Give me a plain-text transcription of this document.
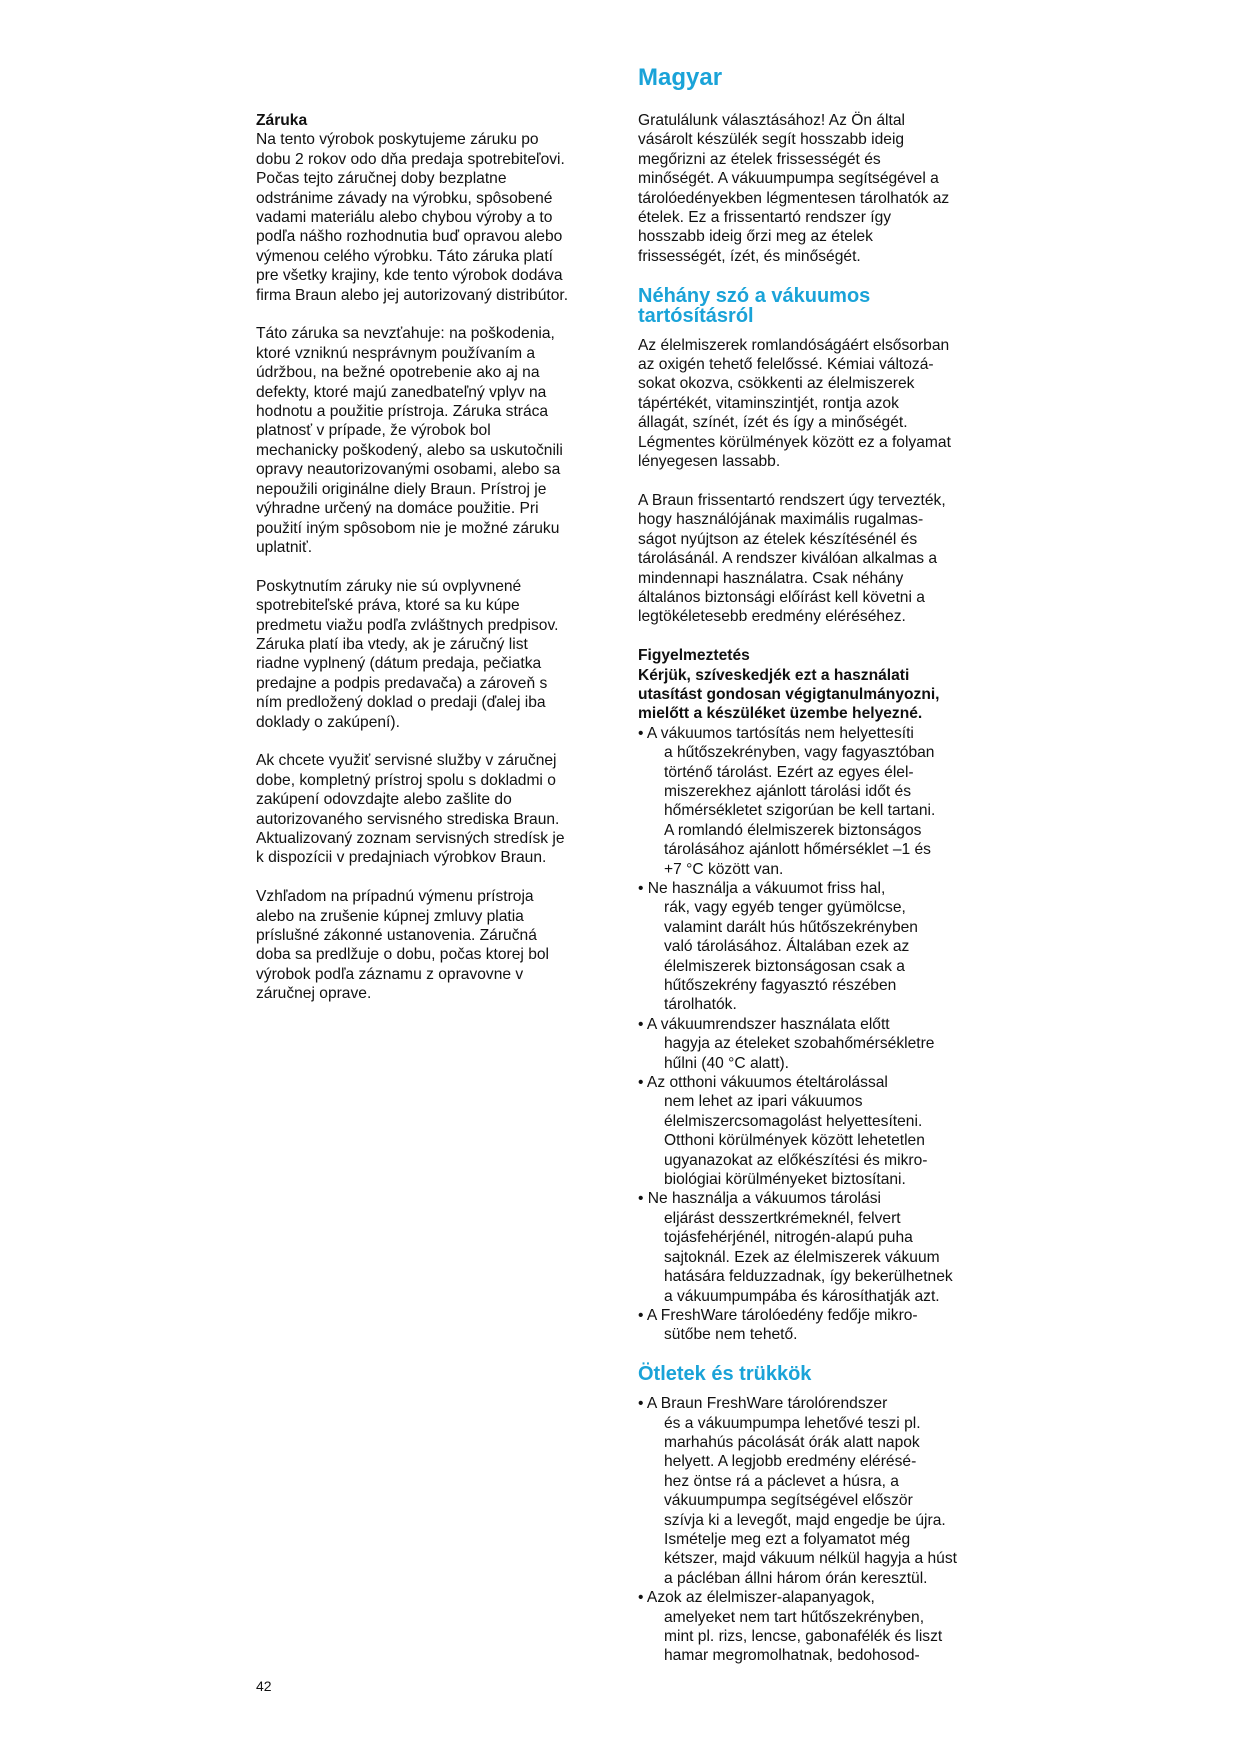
Magyar
Záruka
Na tento výrobok poskytujeme záruku po
dobu 2 rokov odo dňa predaja spotrebiteľovi.
Počas tejto záručnej doby bezplatne
odstránime závady na výrobku, spôsobené
vadami materiálu alebo chybou výroby a to
podľa nášho rozhodnutia buď opravou alebo
výmenou celého výrobku. Táto záruka platí
pre všetky krajiny, kde tento výrobok dodáva
firma Braun alebo jej autorizovaný distribútor.
Táto záruka sa nevzťahuje: na poškodenia,
ktoré vzniknú nesprávnym používaním a
údržbou, na bežné opotrebenie ako aj na
defekty, ktoré majú zanedbateľný vplyv na
hodnotu a použitie prístroja. Záruka stráca
platnosť v prípade, že výrobok bol
mechanicky poškodený, alebo sa uskutočnili
opravy neautorizovanými osobami, alebo sa
nepoužili originálne diely Braun. Prístroj je
výhradne určený na domáce použitie. Pri
použití iným spôsobom nie je možné záruku
uplatniť.
Poskytnutím záruky nie sú ovplyvnené
spotrebiteľské práva, ktoré sa ku kúpe
predmetu viažu podľa zvláštnych predpisov.
Záruka platí iba vtedy, ak je záručný list
riadne vyplnený (dátum predaja, pečiatka
predajne a podpis predavača) a zároveň s
ním predložený doklad o predaji (ďalej iba
doklady o zakúpení).
Ak chcete využiť servisné služby v záručnej
dobe, kompletný prístroj spolu s dokladmi o
zakúpení odovzdajte alebo zašlite do
autorizovaného servisného strediska Braun.
Aktualizovaný zoznam servisných stredísk je
k dispozícii v predajniach výrobkov Braun.
Vzhľadom na prípadnú výmenu prístroja
alebo na zrušenie kúpnej zmluvy platia
príslušné zákonné ustanovenia. Záručná
doba sa predlžuje o dobu, počas ktorej bol
výrobok podľa záznamu z opravovne v
záručnej oprave.
Gratulálunk választásához! Az Ön által
vásárolt készülék segít hosszabb ideig
megőrizni az ételek frissességét és
minőségét. A vákuumpumpa segítségével a
tárolóedényekben légmentesen tárolhatók az
ételek. Ez a frissentartó rendszer így
hosszabb ideig őrzi meg az ételek
frissességét, ízét, és minőségét.
Néhány szó a vákuumos
tartósításról
Az élelmiszerek romlandóságáért elsősorban
az oxigén tehető felelőssé. Kémiai változá-
sokat okozva, csökkenti az élelmiszerek
tápértékét, vitaminszintjét, rontja azok
állagát, színét, ízét és így a minőségét.
Légmentes körülmények között ez a folyamat
lényegesen lassabb.
A Braun frissentartó rendszert úgy tervezték,
hogy használójának maximális rugalmas-
ságot nyújtson az ételek készítésénél és
tárolásánál. A rendszer kiválóan alkalmas a
mindennapi használatra. Csak néhány
általános biztonsági előírást kell követni a
legtökéletesebb eredmény eléréséhez.
Figyelmeztetés
Kérjük, szíveskedjék ezt a használati
utasítást gondosan végigtanulmányozni,
mielőtt a készüléket üzembe helyezné.
• A vákuumos tartósítás nem helyettesíti
a hűtőszekrényben, vagy fagyasztóban
történő tárolást. Ezért az egyes élel-
miszerekhez ajánlott tárolási időt és
hőmérsékletet szigorúan be kell tartani.
A romlandó élelmiszerek biztonságos
tárolásához ajánlott hőmérséklet –1 és
+7 °C között van.
• Ne használja a vákuumot friss hal,
rák, vagy egyéb tenger gyümölcse,
valamint darált hús hűtőszekrényben
való tárolásához. Általában ezek az
élelmiszerek biztonságosan csak a
hűtőszekrény fagyasztó részében
tárolhatók.
• A vákuumrendszer használata előtt
hagyja az ételeket szobahőmérsékletre
hűlni (40 °C alatt).
• Az otthoni vákuumos ételtárolással
nem lehet az ipari vákuumos
élelmiszercsomagolást helyettesíteni.
Otthoni körülmények között lehetetlen
ugyanazokat az előkészítési és mikro-
biológiai körülményeket biztosítani.
• Ne használja a vákuumos tárolási
eljárást desszertkrémeknél, felvert
tojásfehérjénél, nitrogén-alapú puha
sajtoknál. Ezek az élelmiszerek vákuum
hatására felduzzadnak, így bekerülhetnek
a vákuumpumpába és károsíthatják azt.
• A FreshWare tárolóedény fedője mikro-
sütőbe nem tehető.
Ötletek és trükkök
• A Braun FreshWare tárolórendszer
és a vákuumpumpa lehetővé teszi pl.
marhahús pácolását órák alatt napok
helyett. A legjobb eredmény elérésé-
hez öntse rá a páclevet a húsra, a
vákuumpumpa segítségével először
szívja ki a levegőt, majd engedje be újra.
Ismételje meg ezt a folyamatot még
kétszer, majd vákuum nélkül hagyja a húst
a pácléban állni három órán keresztül.
• Azok az élelmiszer-alapanyagok,
amelyeket nem tart hűtőszekrényben,
mint pl. rizs, lencse, gabonafélék és liszt
hamar megromolhatnak, bedohosod-
42
